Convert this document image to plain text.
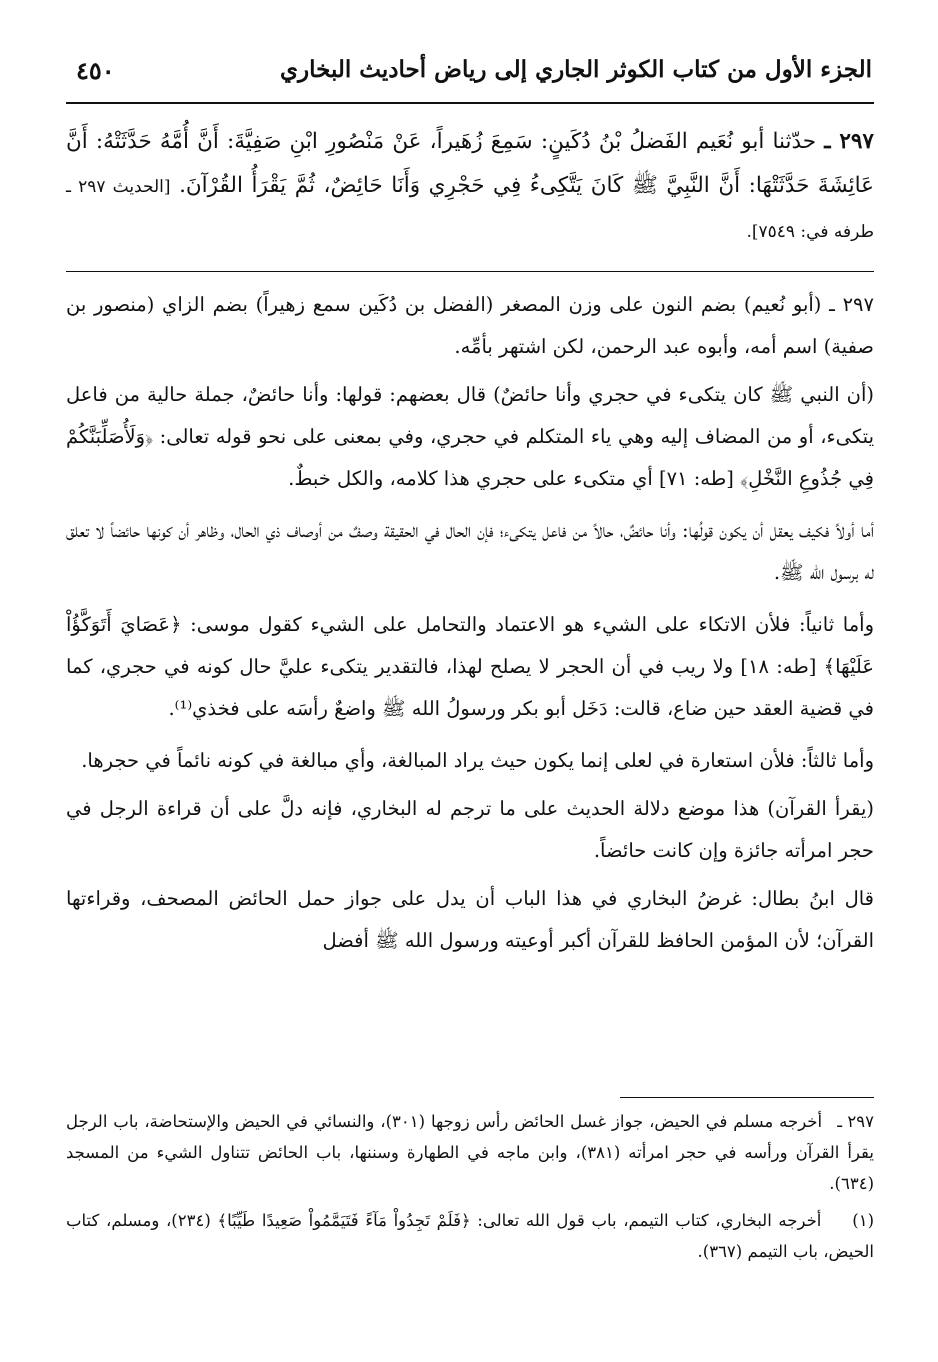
الجزء الأول من كتاب الكوثر الجاري إلى رياض أحاديث البخاري
٤٥٠
٢٩٧ ـ حدّثنا أبو نُعَيم الفَضلُ بْنُ دُكَينٍ: سَمِعَ زُهَيراً، عَنْ مَنْصُورِ ابْنِ صَفِيَّةَ: أَنَّ أُمَّهُ حَدَّثَتْهُ: أَنَّ عَائِشَةَ حَدَّثَتْهَا: أَنَّ النَّبِيَّ ﷺ كَانَ يَتَّكِىءُ فِي حَجْرِي وَأَنَا حَائِضٌ، ثُمَّ يَقْرَأُ القُرْآنَ. [الحديث ٢٩٧ ـ طرفه في: ٧٥٤٩].

٢٩٧ ـ (أبو نُعيم) بضم النون على وزن المصغر (الفضل بن دُكَين سمع زهيراً) بضم الزاي (منصور بن صفية) اسم أمه، وأبوه عبد الرحمن، لكن اشتهر بأمِّه.

(أن النبي ﷺ كان يتكىء في حجري وأنا حائضٌ) قال بعضهم: قولها: وأنا حائضٌ، جملة حالية من فاعل يتكىء، أو من المضاف إليه وهي ياء المتكلم في حجري، وفي بمعنى على نحو قوله تعالى: ﴿وَلَأُصَلِّبَنَّكُمْ فِي جُذُوعِ النَّخْلِ﴾ [طه: ٧١] أي متكىء على حجري هذا كلامه، والكل خبطٌ.

أما أولاً فكيف يعقل أن يكون قولُها: وأنا حائضٌ، حالاً من فاعل يتكىء؛ فإن الحال في الحقيقة وصفٌ من أوصاف ذي الحال، وظاهر أن كونها حائضاً لا تعلق له برسول الله ﷺ.

وأما ثانياً: فلأن الاتكاء على الشيء هو الاعتماد والتحامل على الشيء كقول موسى: ﴿عَصَايَ أَتَوَكَّؤُاْ عَلَيْهَا﴾ [طه: ١٨] ولا ريب في أن الحجر لا يصلح لهذا، فالتقدير يتكىء عليَّ حال كونه في حجري، كما في قضية العقد حين ضاع، قالت: دَخَل أبو بكر ورسولُ الله ﷺ واضعٌ رأسَه على فخذي⁽¹⁾.

وأما ثالثاً: فلأن استعارة في لعلى إنما يكون حيث يراد المبالغة، وأي مبالغة في كونه نائماً في حجرها.

(يقرأ القرآن) هذا موضع دلالة الحديث على ما ترجم له البخاري، فإنه دلَّ على أن قراءة الرجل في حجر امرأته جائزة وإن كانت حائضاً.

قال ابنُ بطال: غرضُ البخاري في هذا الباب أن يدل على جواز حمل الحائض المصحف، وقراءتها القرآن؛ لأن المؤمن الحافظ للقرآن أكبر أوعيته ورسول الله ﷺ أفضل

٢٩٧ ـ أخرجه مسلم في الحيض، جواز غسل الحائض رأس زوجها (٣٠١)، والنسائي في الحيض والإستحاضة، باب الرجل يقرأ القرآن ورأسه في حجر امرأته (٣٨١)، وابن ماجه في الطهارة وسننها، باب الحائض تتناول الشيء من المسجد (٦٣٤).

(١) أخرجه البخاري، كتاب التيمم، باب قول الله تعالى: ﴿فَلَمْ تَجِدُواْ مَآءً فَتَيَمَّمُواْ صَعِيدًا طَيِّبًا﴾ (٢٣٤)، ومسلم، كتاب الحيض، باب التيمم (٣٦٧).
